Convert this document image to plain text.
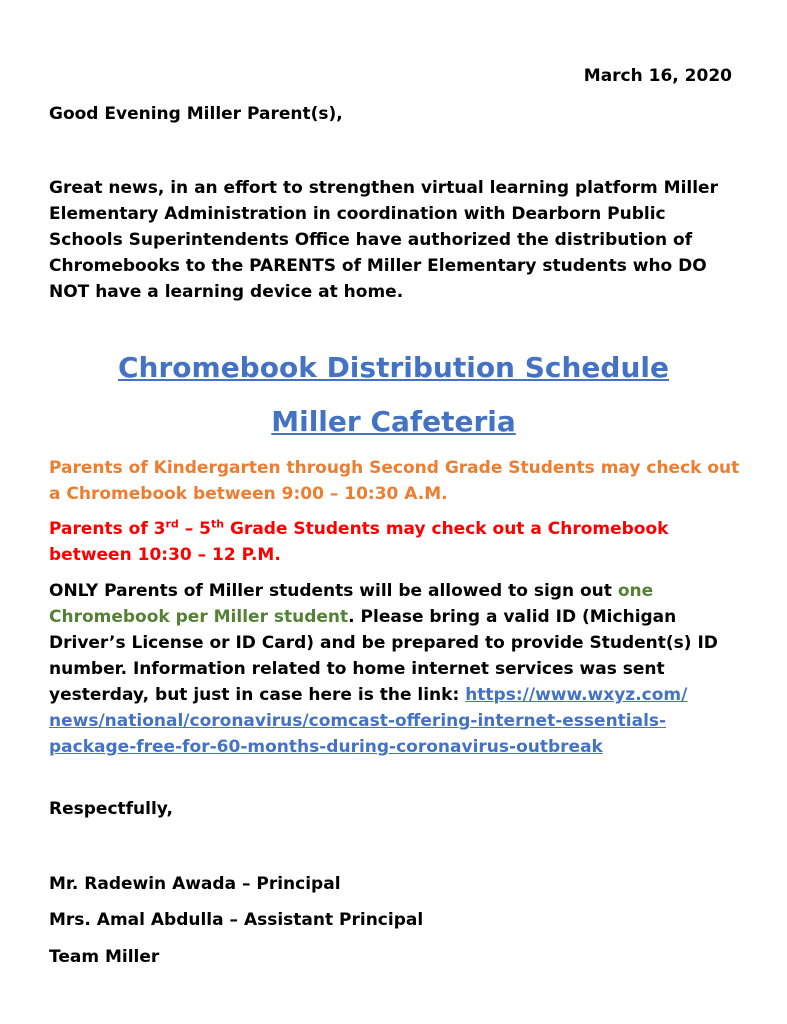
March 16, 2020

Good Evening Miller Parent(s),

Great news, in an effort to strengthen virtual learning platform Miller Elementary Administration in coordination with Dearborn Public Schools Superintendents Office have authorized the distribution of Chromebooks to the PARENTS of Miller Elementary students who DO NOT have a learning device at home.

Chromebook Distribution Schedule

Miller Cafeteria

Parents of Kindergarten through Second Grade Students may check out a Chromebook between 9:00 – 10:30 A.M.

Parents of 3rd – 5th Grade Students may check out a Chromebook between 10:30 – 12 P.M.

ONLY Parents of Miller students will be allowed to sign out one Chromebook per Miller student. Please bring a valid ID (Michigan Driver’s License or ID Card) and be prepared to provide Student(s) ID number. Information related to home internet services was sent yesterday, but just in case here is the link: https://www.wxyz.com/news/national/coronavirus/comcast-offering-internet-essentials-package-free-for-60-months-during-coronavirus-outbreak

Respectfully,

Mr. Radewin Awada – Principal

Mrs. Amal Abdulla – Assistant Principal

Team Miller
